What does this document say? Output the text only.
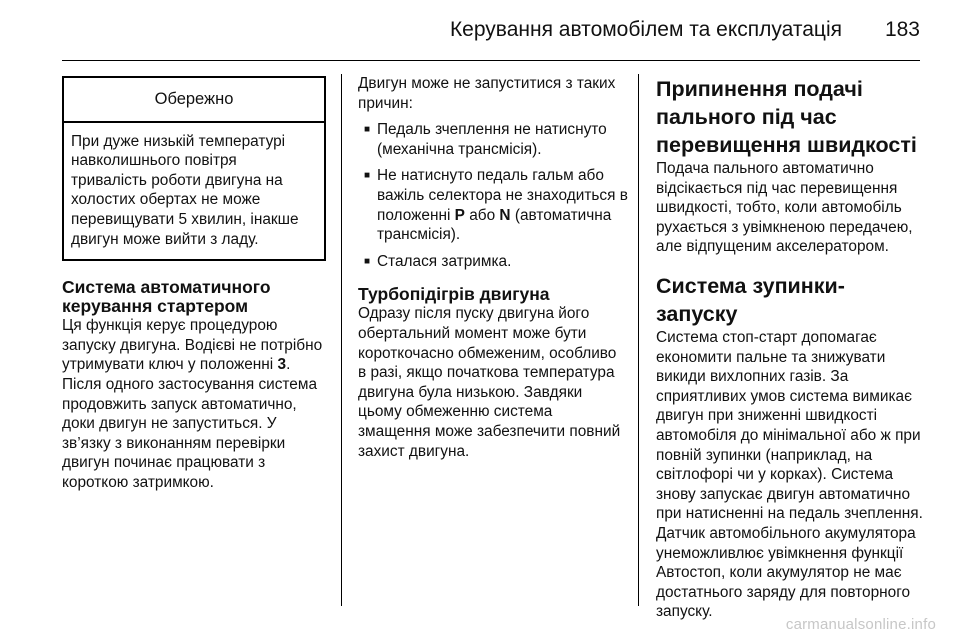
Керування автомобілем та експлуатація 183
Обережно
При дуже низькій температурі навколишнього повітря тривалість роботи двигуна на холостих обертах не може перевищувати 5 хвилин, інакше двигун може вийти з ладу.
Система автоматичного керування стартером

Ця функція керує процедурою запуску двигуна. Водієві не потрібно утримувати ключ у положенні 3. Після одного застосування система продовжить запуск автоматично, доки двигун не запуститься. У зв’язку з виконанням перевірки двигун починає працювати з короткою затримкою.

Двигун може не запуститися з таких причин:

■ Педаль зчеплення не натиснуто (механічна трансмісія).
■ Не натиснуто педаль гальм або важіль селектора не знаходиться в положенні P або N (автоматична трансмісія).
■ Сталася затримка.
Турбопідігрів двигуна

Одразу після пуску двигуна його обертальний момент може бути короткочасно обмеженим, особливо в разі, якщо початкова температура двигуна була низькою. Завдяки цьому обмеженню система змащення може забезпечити повний захист двигуна.

Припинення подачі пального під час перевищення швидкості

Подача пального автоматично відсікається під час перевищення швидкості, тобто, коли автомобіль рухається з увімкненою передачею, але відпущеним акселератором.

Система зупинки-запуску

Система стоп-старт допомагає економити пальне та знижувати викиди вихлопних газів. За сприятливих умов система вимикає двигун при зниженні швидкості автомобіля до мінімальної або ж при повній зупинки (наприклад, на світлофорі чи у корках). Система знову запускає двигун автоматично при натисненні на педаль зчеплення. Датчик автомобільного акумулятора унеможливлює увімкнення функції Автостоп, коли акумулятор не має достатнього заряду для повторного запуску.

carmanualsonline.info
